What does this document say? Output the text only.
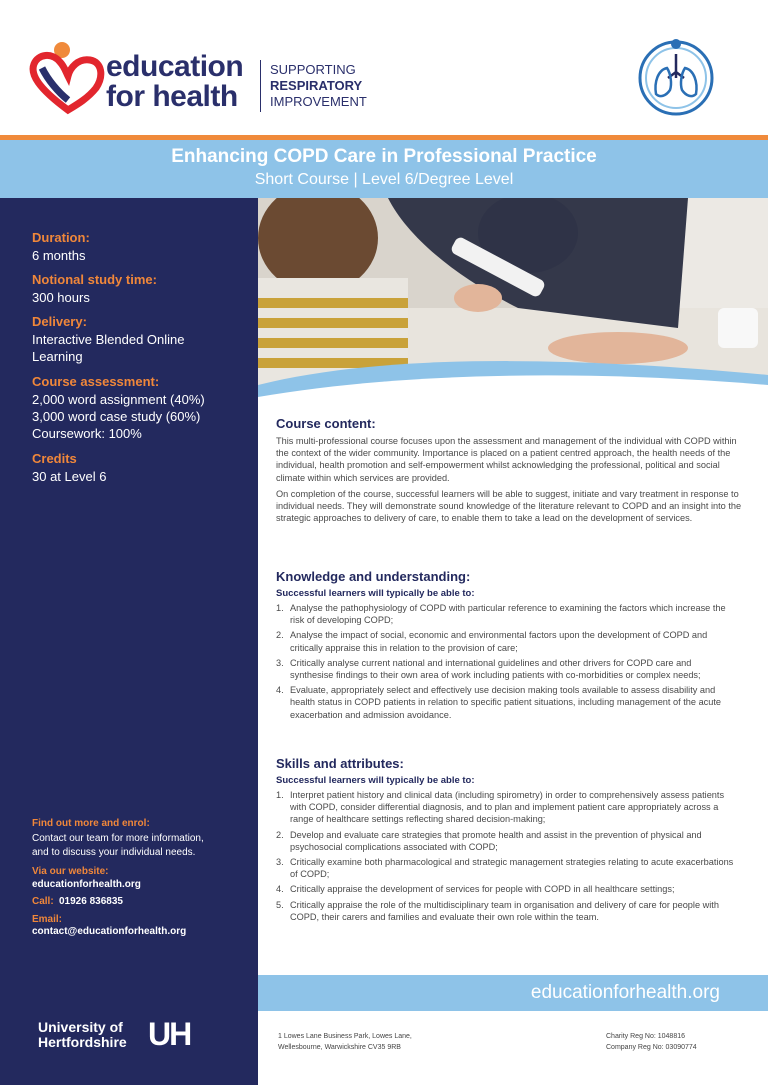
education
for health
SUPPORTING
RESPIRATORY
IMPROVEMENT
Enhancing COPD Care in Professional Practice
Short Course | Level 6/Degree Level
Duration:
6 months
Notional study time:
300 hours
Delivery:
Interactive Blended Online
Learning
Course assessment:
2,000 word assignment (40%)
3,000 word case study (60%)
Coursework: 100%
Credits
30 at Level 6
Find out more and enrol:
Contact our team for more information,
and to discuss your individual needs.
Via our website:
educationforhealth.org
Call: 01926 836835
Email:
contact@educationforhealth.org
University of
Hertfordshire UH
Course content:
This multi-professional course focuses upon the assessment and management of the individual with COPD within the context of the wider community. Importance is placed on a patient centred approach, the health needs of the individual, health promotion and self-empowerment whilst acknowledging the professional, political and social climate within which services are provided.
On completion of the course, successful learners will be able to suggest, initiate and vary treatment in response to individual needs. They will demonstrate sound knowledge of the literature relevant to COPD and an insight into the strategic approaches to delivery of care, to enable them to take a lead on the development of services.
Knowledge and understanding:
Successful learners will typically be able to:
1. Analyse the pathophysiology of COPD with particular reference to examining the factors which increase the risk of developing COPD;
2. Analyse the impact of social, economic and environmental factors upon the development of COPD and critically appraise this in relation to the provision of care;
3. Critically analyse current national and international guidelines and other drivers for COPD care and synthesise findings to their own area of work including patients with co-morbidities or complex needs;
4. Evaluate, appropriately select and effectively use decision making tools available to assess disability and health status in COPD patients in relation to specific patient situations, including management of the acute exacerbation and admission avoidance.
Skills and attributes:
Successful learners will typically be able to:
1. Interpret patient history and clinical data (including spirometry) in order to comprehensively assess patients with COPD, consider differential diagnosis, and to plan and implement patient care appropriately across a range of healthcare settings reflecting shared decision-making;
2. Develop and evaluate care strategies that promote health and assist in the prevention of physical and psychosocial complications associated with COPD;
3. Critically examine both pharmacological and strategic management strategies relating to acute exacerbations of COPD;
4. Critically appraise the development of services for people with COPD in all healthcare settings;
5. Critically appraise the role of the multidisciplinary team in organisation and delivery of care for people with COPD, their carers and families and evaluate their own role within the team.
educationforhealth.org
1 Lowes Lane Business Park, Lowes Lane,
Wellesbourne, Warwickshire CV35 9RB
Charity Reg No: 1048816
Company Reg No: 03090774
